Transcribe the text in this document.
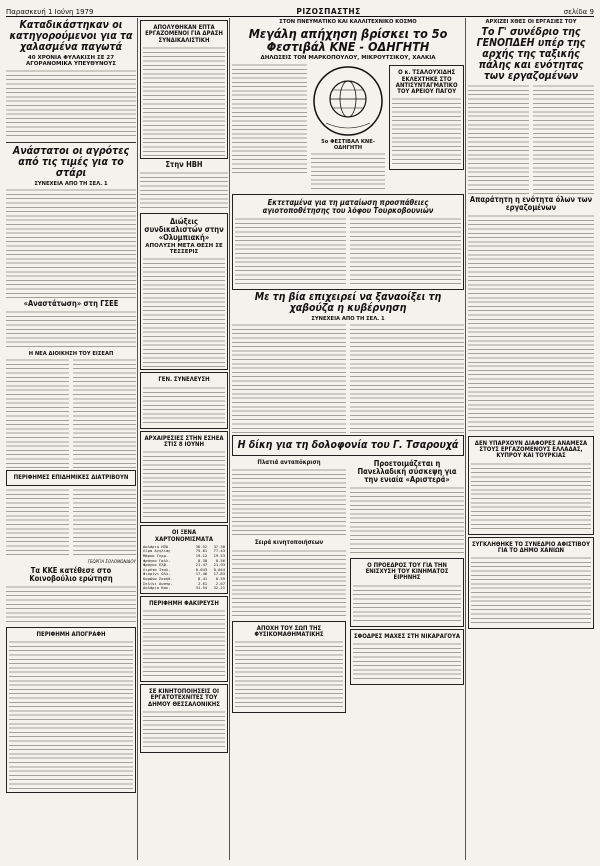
Παρασκευή 1 Ιούνη 1979	ΡΙΖΟΣΠΑΣΤΗΣ	σελίδα 9
Καταδικάστηκαν οι κατηγορούμενοι για τα χαλασμένα παγωτά
40 ΧΡΟΝΙΑ ΦΥΛΑΚΙΣΗ ΣΕ 27 ΑΓΟΡΑΝΟΜΙΚΑ ΥΠΕΥΘΥΝΟΥΣ
Ανάστατοι οι αγρότες από τις τιμές για το στάρι
ΣΥΝΕΧΕΙΑ ΑΠΟ ΤΗ ΣΕΛ. 1
«Αναστάτωση» στη ΓΣΕΕ
Η ΝΕΑ ΔΙΟΙΚΗΣΗ ΤΟΥ ΕΙΣΕΑΠ
ΠΕΡΙΦΗΜΕΣ ΕΠΙΔΗΜΙΚΕΣ ΔΙΑΤΡΙΒΟΥΝ
ΓΕΩΡΓΙΑ ΣΟΛΟΜΩΝΙΔΟΥ
Τα ΚΚΕ κατέθεσε στο Κοινοβούλιο ερώτηση
ΠΕΡΙΦΗΜΗ ΑΠΟΓΡΑΦΗ
ΑΠΟΛΥΘΗΚΑΝ ΕΠΤΑ ΕΡΓΑΖΟΜΕΝΟΙ ΓΙΑ ΔΡΑΣΗ ΣΥΝΔΙΚΑΛΙΣΤΙΚΗ
Στην ΗΒΗ
Διώξεις συνδικαλιστών στην «Ολυμπιακή»
ΑΠΟΛΥΣΗ ΜΕΤΑ ΘΕΣΗ ΣΕ ΤΕΣΣΕΡΙΣ
ΓΕΝ. ΣΥΝΕΛΕΥΣΗ
ΑΡΧΑΙΡΕΣΙΕΣ ΣΤΗΝ ΕΣΗΕΑ ΣΤΙΣ 8 ΙΟΥΝΗ
ΟΙ ΞΕΝΑ ΧΑΡΤΟΝΟΜΙΣΜΑΤΑ
Δολάριο ΗΠΑ	36.52	37.30
Λίρα Αγγλίας	75.81	77.43
Μάρκο Γερμ.	19.12	19.53
Φράγκο Γαλλ.	8.38	8.56
Φράγκο Ελβ.	21.47	21.93
Λιρέτα Ιταλ.	0.043	0.044
Φιορίνι Ολλ.	17.46	17.83
Κορώνα Σουηδ.	8.41	8.59
Σελίνι Αυστρ.	2.61	2.67
Δολάριο Καν.	31.54	32.21
ΠΕΡΙΦΗΜΗ ΦΑΚΙΡΕΥΣΗ
ΣΕ ΚΙΝΗΤΟΠΟΙΗΣΕΙΣ ΟΙ ΕΡΓΑΤΟΤΕΧΝΙΤΕΣ ΤΟΥ ΔΗΜΟΥ ΘΕΣΣΑΛΟΝΙΚΗΣ
ΣΤΟΝ ΠΝΕΥΜΑΤΙΚΟ ΚΑΙ ΚΑΛΛΙΤΕΧΝΙΚΟ ΚΟΣΜΟ
Μεγάλη απήχηση βρίσκει το 5ο Φεστιβάλ ΚΝΕ - ΟΔΗΓΗΤΗ
ΔΗΛΩΣΕΙΣ ΤΟΝ ΜΑΡΚΟΠΟΥΛΟΥ, ΜΙΚΡΟΥΤΣΙΚΟΥ, ΧΑΛΚΙΑ
5ο ΦΕΣΤΙΒΑΛ ΚΝΕ-ΟΔΗΓΗΤΗ
Ο κ. ΤΣΑΛΟΥΧΙΔΗΣ ΕΚΛΕΧΤΗΚΕ ΣΤΟ ΑΝΤΙΣΥΝΤΑΓΜΑΤΙΚΟ ΤΟΥ ΑΡΕΙΟΥ ΠΑΓΟΥ
Εκτεταμένα για τη ματαίωση προσπάθειες αγιοτοποθέτησης του λόφου Τουρκοβουνιών
Με τη βία επιχειρεί να ξαναοίξει τη χαβούζα η κυβέρνηση
ΣΥΝΕΧΕΙΑ ΑΠΟ ΤΗ ΣΕΛ. 1
Η δίκη για τη δολοφονία του Γ. Τσαρουχά
Πλατιά ανταπόκριση
Σειρά κινητοποιήσεων
ΑΠΟΧΗ ΤΟΥ ΣΩΠ ΤΗΣ ΦΥΣΙΚΟΜΑΘΗΜΑΤΙΚΗΣ
Προετοιμάζεται η Πανελλαδική σύσκεψη για την ενιαία «Αριστερά»
Ο ΠΡΟΕΔΡΟΣ ΤΟΥ ΓΙΑ ΤΗΝ ΕΝΙΣΧΥΣΗ ΤΟΥ ΚΙΝΗΜΑΤΟΣ ΕΙΡΗΝΗΣ
ΣΦΟΔΡΕΣ ΜΑΧΕΣ ΣΤΗ ΝΙΚΑΡΑΓΟΥΑ
ΑΡΧΙΖΕΙ ΧΘΕΣ ΟΙ ΕΡΓΑΣΙΕΣ ΤΟΥ
Το Γ' συνέδριο της ΓΕΝΟΠΔΕΗ υπέρ της αρχής της ταξικής πάλης και ενότητας των εργαζομένων
Απαράτητη η ενότητα όλων των εργαζομένων
ΔΕΝ ΥΠΑΡΧΟΥΝ ΔΙΑΦΟΡΕΣ ΑΝΑΜΕΣΑ ΣΤΟΥΣ ΕΡΓΑΖΟΜΕΝΟΥΣ ΕΛΛΑΔΑΣ, ΚΥΠΡΟΥ ΚΑΙ ΤΟΥΡΚΙΑΣ
ΣΥΓΚΛΗΘΗΚΕ ΤΟ ΣΥΝΕΔΡΙΟ ΑΦΙΣΤΙΒΟΥ ΓΙΑ ΤΟ ΔΗΜΟ ΧΑΝΙΩΝ
